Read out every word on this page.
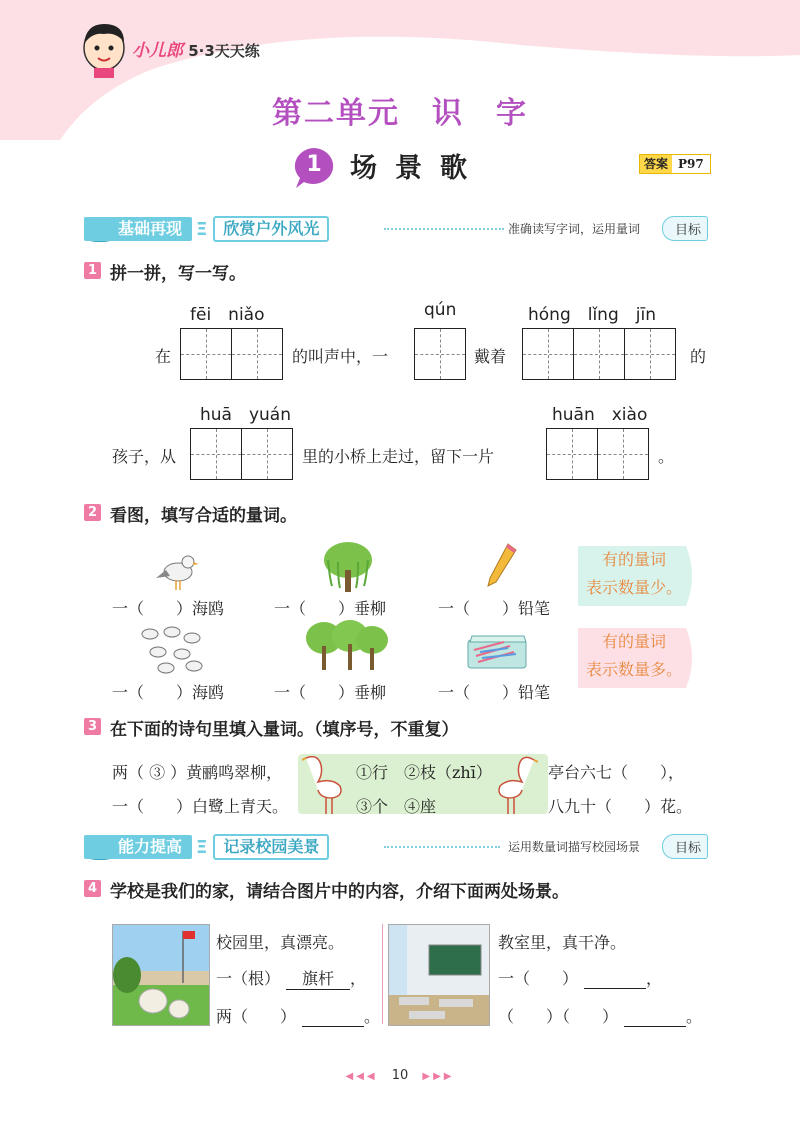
小儿郎 5·3天天练
第二单元　识　字
1	场景歌	答案 P97
基础再现 Ξ	欣赏户外风光	准确读写字词，运用量词	目标
1 拼一拼，写一写。
fēi　niǎo	qún	hóng　lǐng　jīn
在	的叫声中，一	戴着	的
huā　yuán	huān　xiào
孩子，从	里的小桥上走过，留下一片	。
2 看图，填写合适的量词。
一（　　）海鸥	一（　　）垂柳	一（　　）铅笔
有的量词
表示数量少。
一（　　）海鸥	一（　　）垂柳	一（　　）铅笔
有的量词
表示数量多。
3 在下面的诗句里填入量词。（填序号，不重复）
①行　②枝（zhī）
③个　④座
两（ ③ ）黄鹂鸣翠柳，	亭台六七（　　），
一（　　）白鹭上青天。	八九十（　　）花。
能力提高 Ξ	记录校园美景	运用数量词描写校园场景	目标
4 学校是我们的家，请结合图片中的内容，介绍下面两处场景。
校园里，真漂亮。
一（根） 旗杆 ，
两（　　）	。
教室里，真干净。
一（　　）	，
（　　）（　　）	。
◀◀◀ 10 ▶▶▶
